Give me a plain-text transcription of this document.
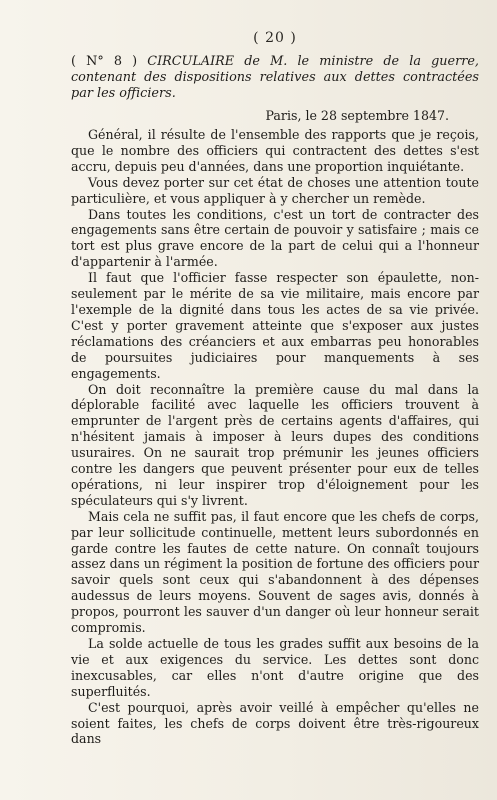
( 20 )

( N° 8 ) CIRCULAIRE de M. le ministre de la guerre, contenant des dispositions relatives aux dettes contractées par les officiers.

Paris, le 28 septembre 1847.

Général, il résulte de l'ensemble des rapports que je reçois, que le nombre des officiers qui contractent des dettes s'est accru, depuis peu d'années, dans une proportion inquiétante.

Vous devez porter sur cet état de choses une attention toute particulière, et vous appliquer à y chercher un remède.

Dans toutes les conditions, c'est un tort de contracter des engagements sans être certain de pouvoir y satisfaire ; mais ce tort est plus grave encore de la part de celui qui a l'honneur d'appartenir à l'armée.

Il faut que l'officier fasse respecter son épaulette, non-seulement par le mérite de sa vie militaire, mais encore par l'exemple de la dignité dans tous les actes de sa vie privée. C'est y porter gravement atteinte que s'exposer aux justes réclamations des créanciers et aux embarras peu honorables de poursuites judiciaires pour manquements à ses engagements.

On doit reconnaître la première cause du mal dans la déplorable facilité avec laquelle les officiers trouvent à emprunter de l'argent près de certains agents d'affaires, qui n'hésitent jamais à imposer à leurs dupes des conditions usuraires. On ne saurait trop prémunir les jeunes officiers contre les dangers que peuvent présenter pour eux de telles opérations, ni leur inspirer trop d'éloignement pour les spéculateurs qui s'y livrent.

Mais cela ne suffit pas, il faut encore que les chefs de corps, par leur sollicitude continuelle, mettent leurs subordonnés en garde contre les fautes de cette nature. On connaît toujours assez dans un régiment la position de fortune des officiers pour savoir quels sont ceux qui s'abandonnent à des dépenses audessus de leurs moyens. Souvent de sages avis, donnés à propos, pourront les sauver d'un danger où leur honneur serait compromis.

La solde actuelle de tous les grades suffit aux besoins de la vie et aux exigences du service. Les dettes sont donc inexcusables, car elles n'ont d'autre origine que des superfluités.

C'est pourquoi, après avoir veillé à empêcher qu'elles ne soient faites, les chefs de corps doivent être très-rigoureux dans
